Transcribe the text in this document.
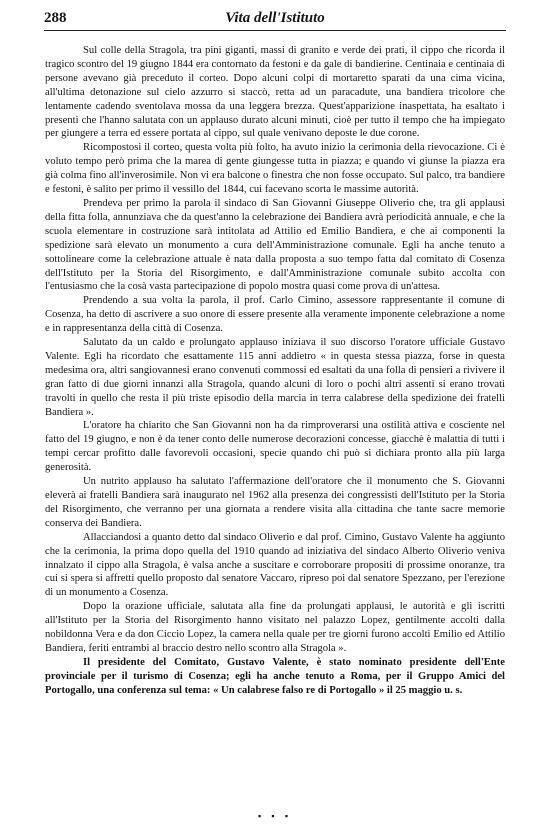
288	Vita dell'Istituto

Sul colle della Stragola, tra pini giganti, massi di granito e verde dei prati, il cippo che ricorda il tragico scontro del 19 giugno 1844 era contornato da festoni e da gale di bandierine. Centinaia e centinaia di persone avevano già preceduto il corteo. Dopo alcuni colpi di mortaretto sparati da una cima vicina, all'ultima detonazione sul cielo azzurro si staccò, retta ad un paracadute, una bandiera tricolore che lentamente cadendo sventolava mossa da una leggera brezza. Quest'apparizione inaspettata, ha esaltato i presenti che l'hanno salutata con un applauso durato alcuni minuti, cioè per tutto il tempo che ha impiegato per giungere a terra ed essere portata al cippo, sul quale venivano deposte le due corone.

Ricompostosi il corteo, questa volta più folto, ha avuto inizio la cerimonia della rievocazione. Ci è voluto tempo però prima che la marea di gente giungesse tutta in piazza; e quando vi giunse la piazza era già colma fino all'inverosimile. Non vi era balcone o finestra che non fosse occupato. Sul palco, tra bandiere e festoni, è salito per primo il vessillo del 1844, cui facevano scorta le massime autorità.

Prendeva per primo la parola il sindaco di San Giovanni Giuseppe Oliverio che, tra gli applausi della fitta folla, annunziava che da quest'anno la celebrazione dei Bandiera avrà periodicità annuale, e che la scuola elementare in costruzione sarà intitolata ad Attilio ed Emilio Bandiera, e che ai componenti la spedizione sarà elevato un monumento a cura dell'Amministrazione comunale. Egli ha anche tenuto a sottolineare come la celebrazione attuale è nata dalla proposta a suo tempo fatta dal comitato di Cosenza dell'Istituto per la Storia del Risorgimento, e dall'Amministrazione comunale subito accolta con l'entusiasmo che la cosà vasta partecipazione di popolo mostra quasi come prova di un'attesa.

Prendendo a sua volta la parola, il prof. Carlo Cimino, assessore rappresentante il comune di Cosenza, ha detto di ascrivere a suo onore di essere presente alla veramente imponente celebrazione a nome e in rappresentanza della città di Cosenza.

Salutato da un caldo e prolungato applauso iniziava il suo discorso l'oratore ufficiale Gustavo Valente. Egli ha ricordato che esattamente 115 anni addietro « in questa stessa piazza, forse in questa medesima ora, altri sangiovannesi erano convenuti commossi ed esaltati da una folla di pensieri a rivivere il gran fatto di due giorni innanzi alla Stragola, quando alcuni di loro o pochi altri assenti si erano trovati travolti in quello che resta il più triste episodio della marcia in terra calabrese della spedizione dei fratelli Bandiera ».

L'oratore ha chiarito che San Giovanni non ha da rimproverarsi una ostilità attiva e cosciente nel fatto del 19 giugno, e non è da tener conto delle numerose decorazioni concesse, giacchè è malattia di tutti i tempi cercar profitto dalle favorevoli occasioni, specie quando chi può si dichiara pronto alla più larga generosità.

Un nutrito applauso ha salutato l'affermazione dell'oratore che il monumento che S. Giovanni eleverà ai fratelli Bandiera sarà inaugurato nel 1962 alla presenza dei congressisti dell'Istituto per la Storia del Risorgimento, che verranno per una giornata a rendere visita alla cittadina che tante sacre memorie conserva dei Bandiera.

Allacciandosi a quanto detto dal sindaco Oliverio e dal prof. Cimino, Gustavo Valente ha aggiunto che la cerimonia, la prima dopo quella del 1910 quando ad iniziativa del sindaco Alberto Oliverio veniva innalzato il cippo alla Stragola, è valsa anche a suscitare e corroborare propositi di prossime onoranze, tra cui si spera si affretti quello proposto dal senatore Vaccaro, ripreso poi dal senatore Spezzano, per l'erezione di un monumento a Cosenza.

Dopo la orazione ufficiale, salutata alla fine da prolungati applausi, le autorità e gli iscritti all'Istituto per la Storia del Risorgimento hanno visitato nel palazzo Lopez, gentilmente accolti dalla nobildonna Vera e da don Ciccio Lopez, la camera nella quale per tre giorni furono accolti Emilio ed Attilio Bandiera, feriti entrambi al braccio destro nello scontro alla Stragola ».

Il presidente del Comitato, Gustavo Valente, è stato nominato presidente dell'Ente provinciale per il turismo di Cosenza; egli ha anche tenuto a Roma, per il Gruppo Amici del Portogallo, una conferenza sul tema: « Un calabrese falso re di Portogallo » il 25 maggio u. s.

▪ ▪ ▪
